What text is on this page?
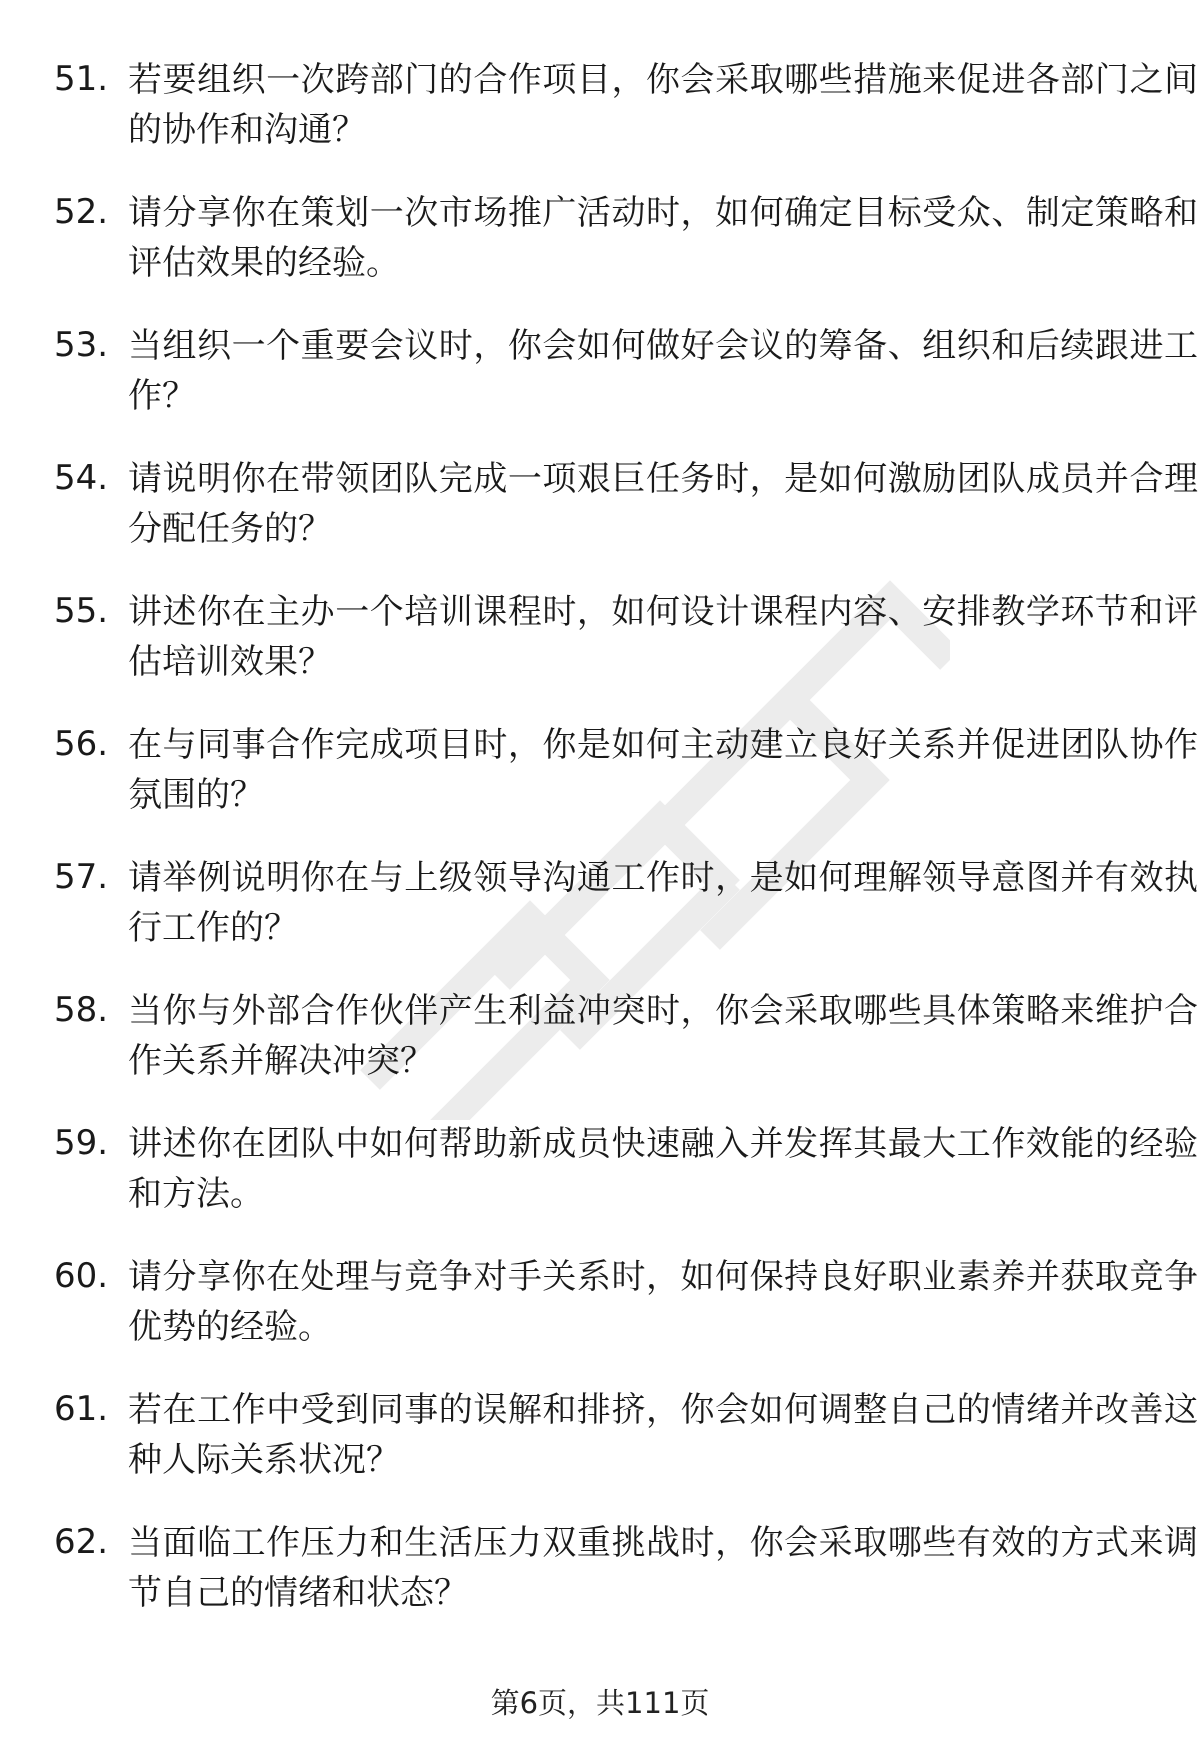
51. 若要组织一次跨部门的合作项目，你会采取哪些措施来促进各部门之间的协作和沟通？
52. 请分享你在策划一次市场推广活动时，如何确定目标受众、制定策略和评估效果的经验。
53. 当组织一个重要会议时，你会如何做好会议的筹备、组织和后续跟进工作？
54. 请说明你在带领团队完成一项艰巨任务时，是如何激励团队成员并合理分配任务的？
55. 讲述你在主办一个培训课程时，如何设计课程内容、安排教学环节和评估培训效果？
56. 在与同事合作完成项目时，你是如何主动建立良好关系并促进团队协作氛围的？
57. 请举例说明你在与上级领导沟通工作时，是如何理解领导意图并有效执行工作的？
58. 当你与外部合作伙伴产生利益冲突时，你会采取哪些具体策略来维护合作关系并解决冲突？
59. 讲述你在团队中如何帮助新成员快速融入并发挥其最大工作效能的经验和方法。
60. 请分享你在处理与竞争对手关系时，如何保持良好职业素养并获取竞争优势的经验。
61. 若在工作中受到同事的误解和排挤，你会如何调整自己的情绪并改善这种人际关系状况？
62. 当面临工作压力和生活压力双重挑战时，你会采取哪些有效的方式来调节自己的情绪和状态？
第6页，共111页
